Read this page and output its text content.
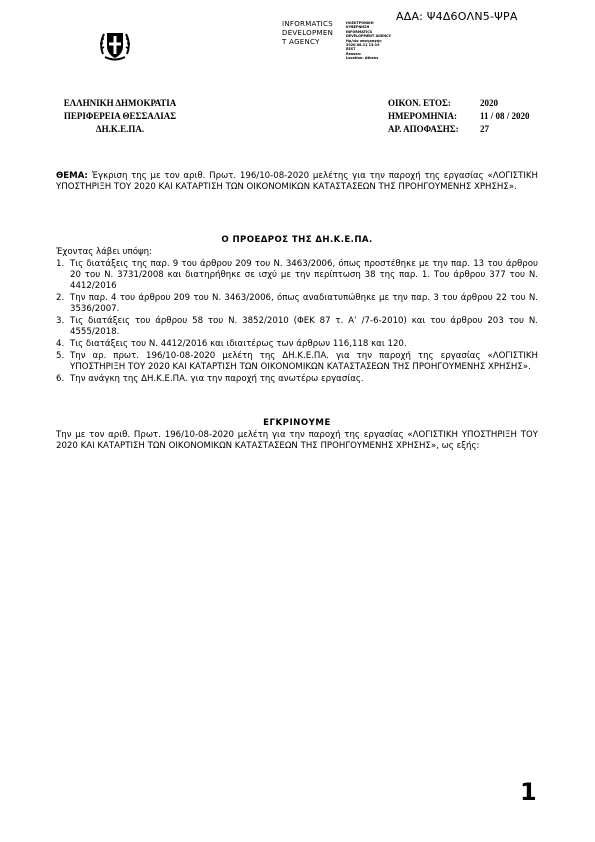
ΑΔΑ: Ψ4Δ6ΟΛΝ5-ΨΡΑ
INFORMATICS
DEVELOPMEN
T AGENCY
ΗΛΕΚΤΡΟΝΙΚΗ
ΚΥΒΕΡΝΗΣΗ
INFORMATICS
DEVELOPMENT AGENCY
Ημ/νία υπογραφής:
2020.08.11 13:19
EEST
Reason:
Location: Athens
ΕΛΛΗΝΙΚΗ ΔΗΜΟΚΡΑΤΙΑ
ΠΕΡΙΦΕΡΕΙΑ ΘΕΣΣΑΛΙΑΣ
ΔΗ.Κ.Ε.ΠΑ.
ΟΙΚΟΝ. ΕΤΟΣ:	2020
ΗΜΕΡΟΜΗΝΙΑ:	11 / 08 / 2020
ΑΡ. ΑΠΟΦΑΣΗΣ:	27
ΘΕΜΑ: Έγκριση της με τον αριθ. Πρωτ. 196/10-08-2020 μελέτης για την παροχή της εργασίας «ΛΟΓΙΣΤΙΚΗ ΥΠΟΣΤΗΡΙΞΗ ΤΟΥ 2020 ΚΑΙ ΚΑΤΑΡΤΙΣΗ ΤΩΝ ΟΙΚΟΝΟΜΙΚΩΝ ΚΑΤΑΣΤΑΣΕΩΝ ΤΗΣ ΠΡΟΗΓΟΥΜΕΝΗΣ ΧΡΗΣΗΣ».
Ο ΠΡΟΕΔΡΟΣ ΤΗΣ ΔΗ.Κ.Ε.ΠΑ.
Έχοντας λάβει υπόψη:
1. Τις διατάξεις της παρ. 9 του άρθρου 209 του Ν. 3463/2006, όπως προστέθηκε με την παρ. 13 του άρθρου 20 του Ν. 3731/2008 και διατηρήθηκε σε ισχύ με την περίπτωση 38 της παρ. 1. Του άρθρου 377 του Ν. 4412/2016
2. Την παρ. 4 του άρθρου 209 του Ν. 3463/2006, όπως αναδιατυπώθηκε με την παρ. 3 του άρθρου 22 του Ν. 3536/2007.
3. Τις διατάξεις του άρθρου 58 του Ν. 3852/2010 (ΦΕΚ 87 τ. Α’ /7-6-2010) και του άρθρου 203 του Ν. 4555/2018.
4. Τις διατάξεις του Ν. 4412/2016 και ιδιαιτέρως των άρθρων 116,118 και 120.
5. Την αρ. πρωτ. 196/10-08-2020 μελέτη της ΔΗ.Κ.Ε.ΠΑ. για την παροχή της εργασίας «ΛΟΓΙΣΤΙΚΗ ΥΠΟΣΤΗΡΙΞΗ ΤΟΥ 2020 ΚΑΙ ΚΑΤΑΡΤΙΣΗ ΤΩΝ ΟΙΚΟΝΟΜΙΚΩΝ ΚΑΤΑΣΤΑΣΕΩΝ ΤΗΣ ΠΡΟΗΓΟΥΜΕΝΗΣ ΧΡΗΣΗΣ».
6. Την ανάγκη της ΔΗ.Κ.Ε.ΠΑ. για την παροχή της ανωτέρω εργασίας.
ΕΓΚΡΙΝΟΥΜΕ
Την με τον αριθ. Πρωτ. 196/10-08-2020 μελέτη για την παροχή της εργασίας «ΛΟΓΙΣΤΙΚΗ ΥΠΟΣΤΗΡΙΞΗ ΤΟΥ 2020 ΚΑΙ ΚΑΤΑΡΤΙΣΗ ΤΩΝ ΟΙΚΟΝΟΜΙΚΩΝ ΚΑΤΑΣΤΑΣΕΩΝ ΤΗΣ ΠΡΟΗΓΟΥΜΕΝΗΣ ΧΡΗΣΗΣ», ως εξής:
1
